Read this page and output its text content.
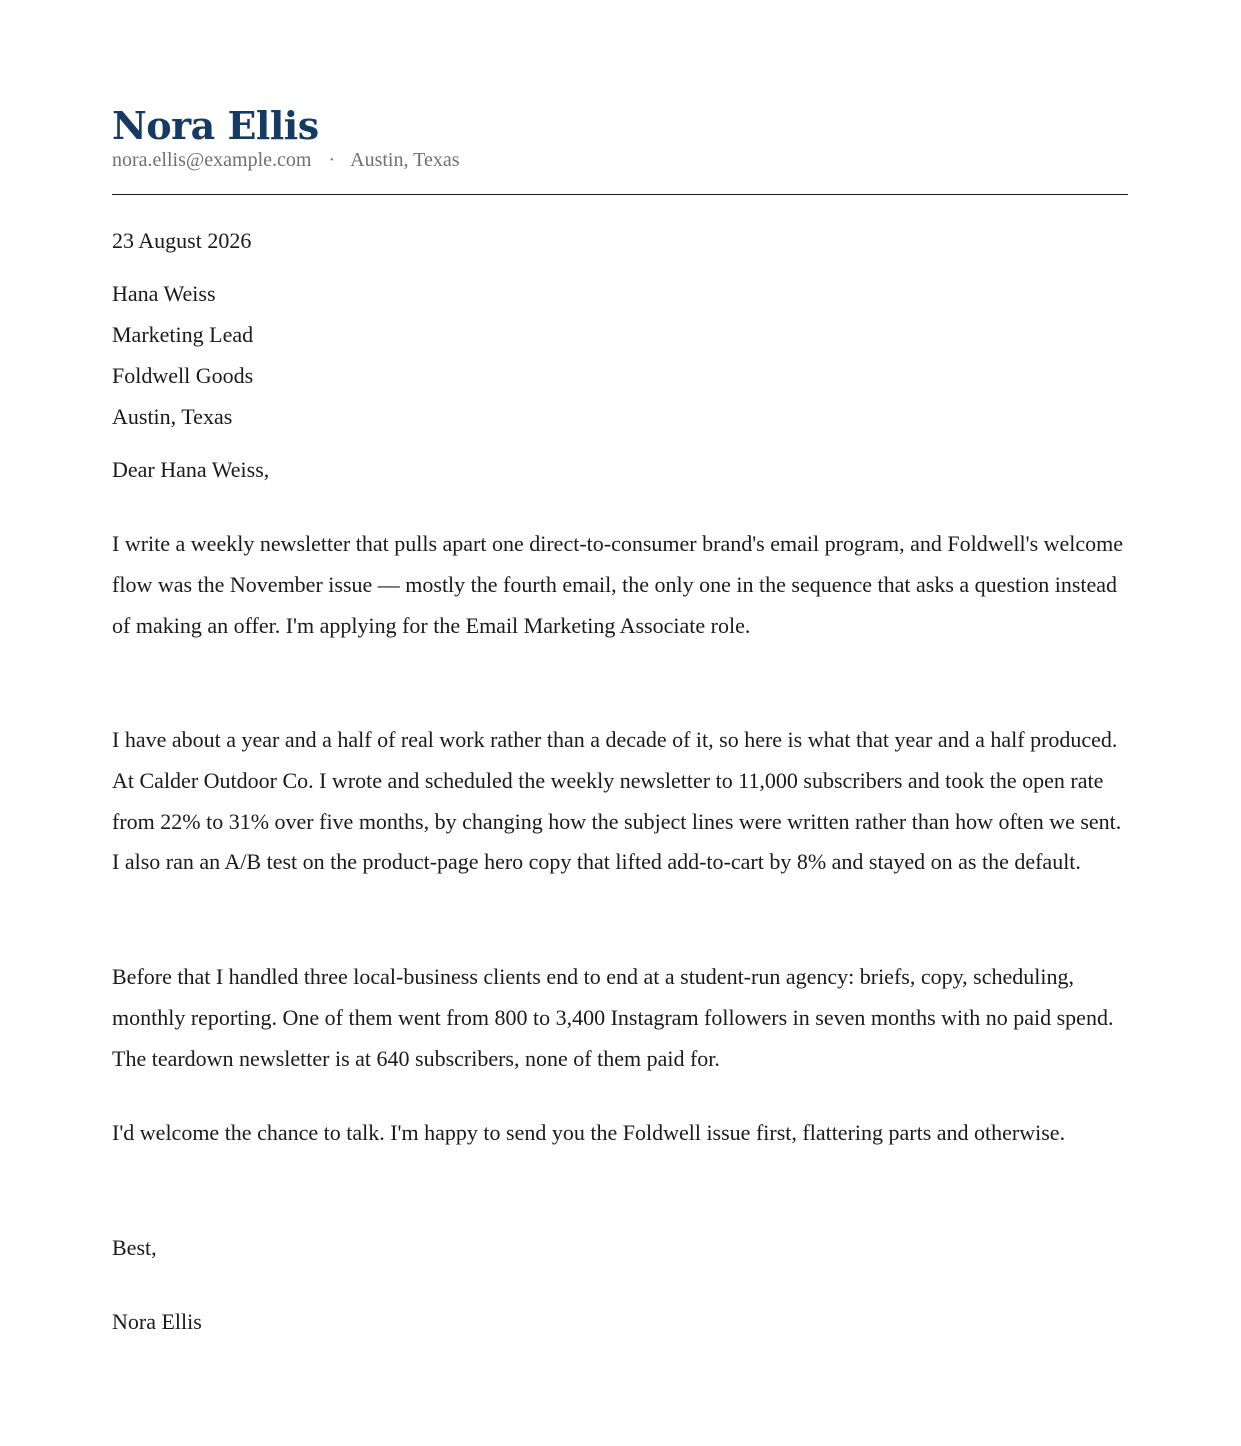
Nora Ellis
nora.ellis@example.com · Austin, Texas

23 August 2026

Hana Weiss

Marketing Lead

Foldwell Goods

Austin, Texas

Dear Hana Weiss,

I write a weekly newsletter that pulls apart one direct-to-consumer brand's email program, and Foldwell's welcome flow was the November issue — mostly the fourth email, the only one in the sequence that asks a question instead of making an offer. I'm applying for the Email Marketing Associate role.

I have about a year and a half of real work rather than a decade of it, so here is what that year and a half produced. At Calder Outdoor Co. I wrote and scheduled the weekly newsletter to 11,000 subscribers and took the open rate from 22% to 31% over five months, by changing how the subject lines were written rather than how often we sent. I also ran an A/B test on the product-page hero copy that lifted add-to-cart by 8% and stayed on as the default.

Before that I handled three local-business clients end to end at a student-run agency: briefs, copy, scheduling, monthly reporting. One of them went from 800 to 3,400 Instagram followers in seven months with no paid spend. The teardown newsletter is at 640 subscribers, none of them paid for.

I'd welcome the chance to talk. I'm happy to send you the Foldwell issue first, flattering parts and otherwise.

Best,

Nora Ellis
